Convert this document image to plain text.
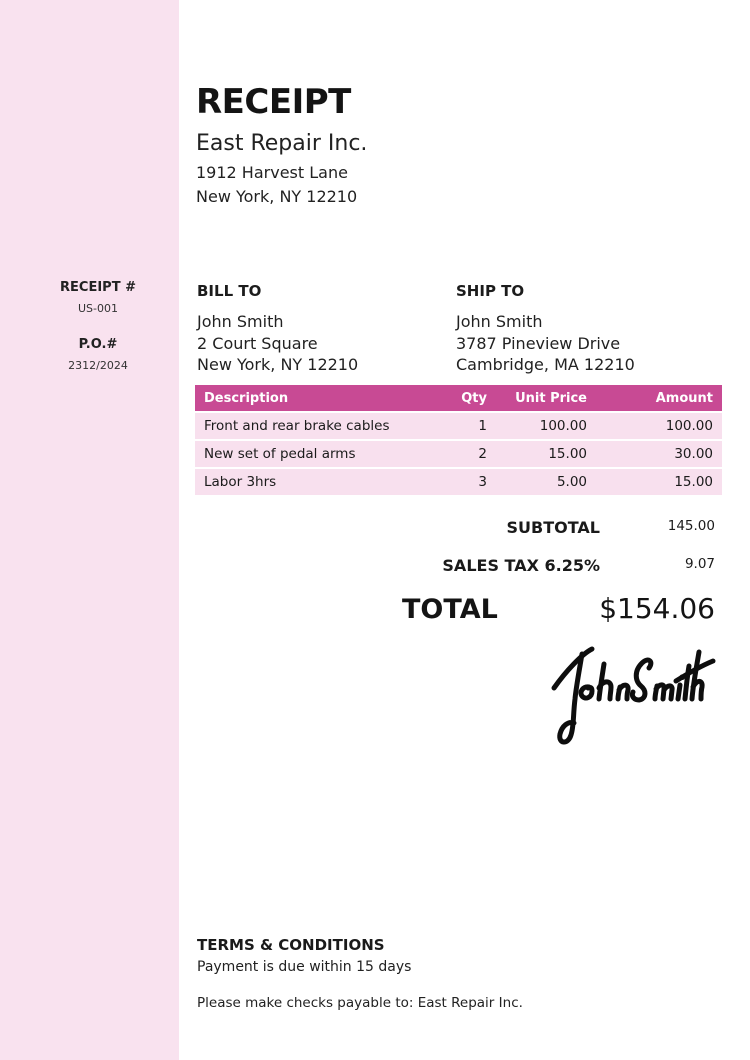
RECEIPT #
US-001
P.O.#
2312/2024
RECEIPT
East Repair Inc.
1912 Harvest Lane
New York, NY 12210
BILL TO
John Smith
2 Court Square
New York, NY 12210
SHIP TO
John Smith
3787 Pineview Drive
Cambridge, MA 12210
Description	Qty	Unit Price	Amount
Front and rear brake cables	1	100.00	100.00
New set of pedal arms	2	15.00	30.00
Labor 3hrs	3	5.00	15.00
SUBTOTAL	145.00
SALES TAX 6.25%	9.07
TOTAL	$154.06
TERMS & CONDITIONS
Payment is due within 15 days
Please make checks payable to: East Repair Inc.
